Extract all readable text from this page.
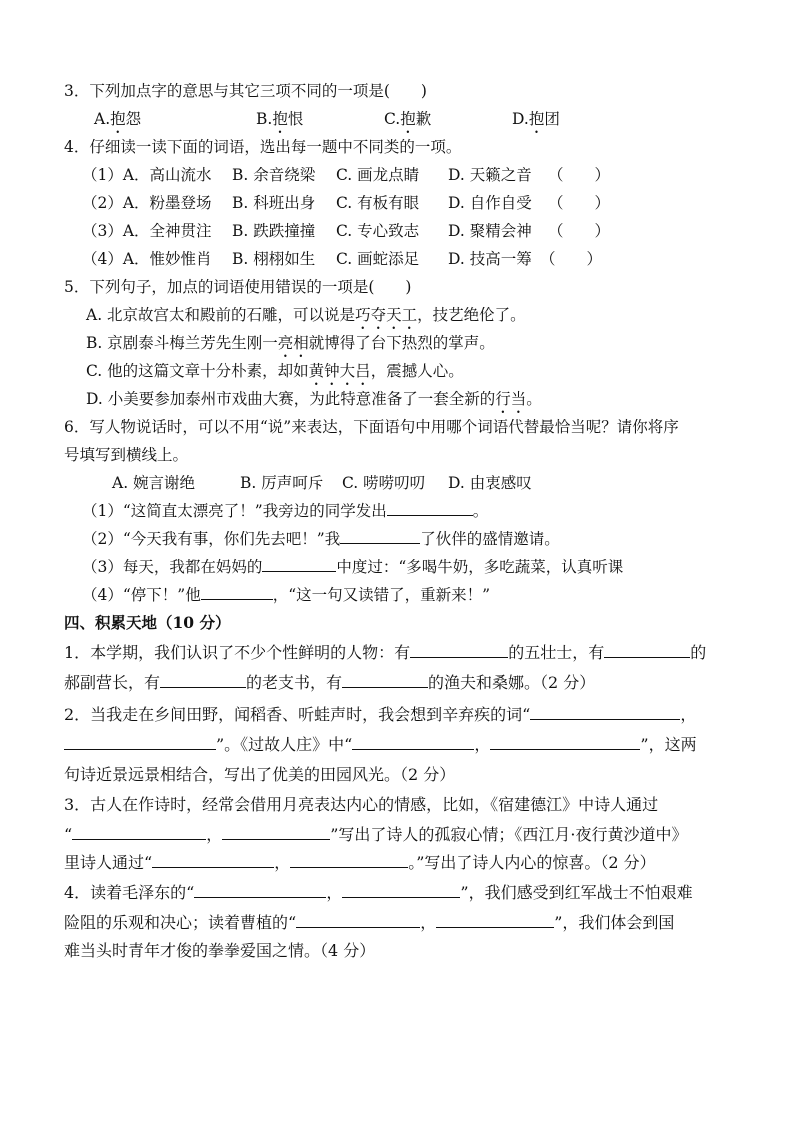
3．下列加点字的意思与其它三项不同的一项是(　　)
A.抱怨	B.抱恨	C.抱歉	D.抱团
4．仔细读一读下面的词语，选出每一题中不同类的一项。
（1）A．高山流水 B. 余音绕梁 C. 画龙点睛 D. 天籁之音 （　　）
（2）A．粉墨登场 B. 科班出身 C. 有板有眼 D. 自作自受 （　　）
（3）A．全神贯注 B. 跌跌撞撞 C. 专心致志 D. 聚精会神 （　　）
（4）A．惟妙惟肖 B. 栩栩如生 C. 画蛇添足 D. 技高一筹 （　　）
5．下列句子，加点的词语使用错误的一项是(　　)
A. 北京故宫太和殿前的石雕，可以说是巧夺天工，技艺绝伦了。
B. 京剧泰斗梅兰芳先生刚一亮相就博得了台下热烈的掌声。
C. 他的这篇文章十分朴素，却如黄钟大吕，震撼人心。
D. 小美要参加泰州市戏曲大赛，为此特意准备了一套全新的行当。
6．写人物说话时，可以不用“说”来表达，下面语句中用哪个词语代替最恰当呢？请你将序
号填写到横线上。
A. 婉言谢绝	B. 厉声呵斥 C. 唠唠叨叨 D. 由衷感叹
（1）“这简直太漂亮了！”我旁边的同学发出	。
（2）“今天我有事，你们先去吧！”我	了伙伴的盛情邀请。
（3）每天，我都在妈妈的	中度过：“多喝牛奶，多吃蔬菜，认真听课
（4）“停下！”他	，“这一句又读错了，重新来！”
四、积累天地（10 分）
1．本学期，我们认识了不少个性鲜明的人物：有	的五壮士，有	的
郝副营长，有	的老支书，有	的渔夫和桑娜。（2 分）
2．当我走在乡间田野，闻稻香、听蛙声时，我会想到辛弃疾的词“	，
”。《过故人庄》中“	，	”，这两
句诗近景远景相结合，写出了优美的田园风光。（2 分）
3．古人在作诗时，经常会借用月亮表达内心的情感，比如，《宿建德江》中诗人通过
“	，	”写出了诗人的孤寂心情；《西江月·夜行黄沙道中》
里诗人通过“	，	。”写出了诗人内心的惊喜。（2 分）
4．读着毛泽东的“	，	”，我们感受到红军战士不怕艰难
险阻的乐观和决心；读着曹植的“	，	”，我们体会到国
难当头时青年才俊的拳拳爱国之情。（4 分）
